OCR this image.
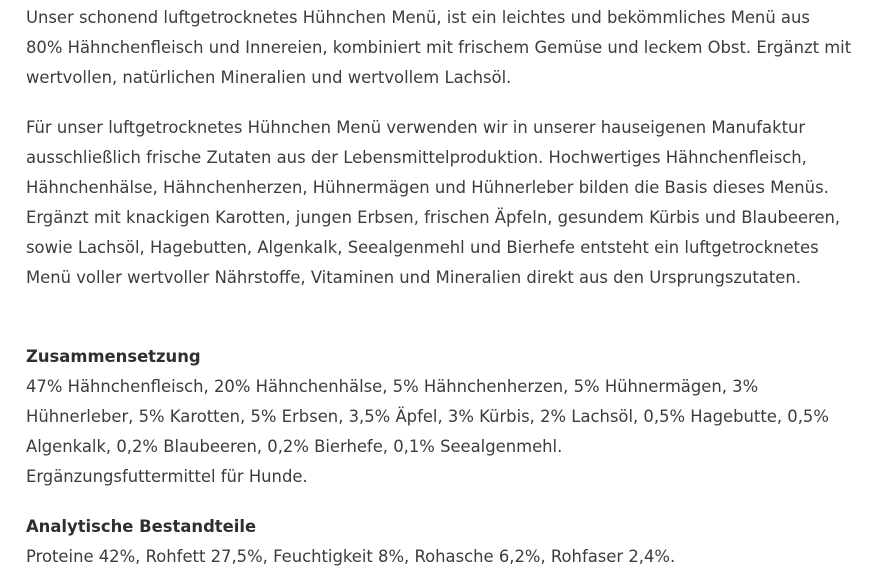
Unser schonend luftgetrocknetes Hühnchen Menü, ist ein leichtes und bekömmliches Menü aus
80% Hähnchenfleisch und Innereien, kombiniert mit frischem Gemüse und leckem Obst. Ergänzt mit
wertvollen, natürlichen Mineralien und wertvollem Lachsöl.

Für unser luftgetrocknetes Hühnchen Menü verwenden wir in unserer hauseigenen Manufaktur
ausschließlich frische Zutaten aus der Lebensmittelproduktion. Hochwertiges Hähnchenfleisch,
Hähnchenhälse, Hähnchenherzen, Hühnermägen und Hühnerleber bilden die Basis dieses Menüs.
Ergänzt mit knackigen Karotten, jungen Erbsen, frischen Äpfeln, gesundem Kürbis und Blaubeeren,
sowie Lachsöl, Hagebutten, Algenkalk, Seealgenmehl und Bierhefe entsteht ein luftgetrocknetes
Menü voller wertvoller Nährstoffe, Vitaminen und Mineralien direkt aus den Ursprungszutaten.

Zusammensetzung
47% Hähnchenfleisch, 20% Hähnchenhälse, 5% Hähnchenherzen, 5% Hühnermägen, 3%
Hühnerleber, 5% Karotten, 5% Erbsen, 3,5% Äpfel, 3% Kürbis, 2% Lachsöl, 0,5% Hagebutte, 0,5%
Algenkalk, 0,2% Blaubeeren, 0,2% Bierhefe, 0,1% Seealgenmehl.
Ergänzungsfuttermittel für Hunde.
Analytische Bestandteile
Proteine 42%, Rohfett 27,5%, Feuchtigkeit 8%, Rohasche 6,2%, Rohfaser 2,4%.
